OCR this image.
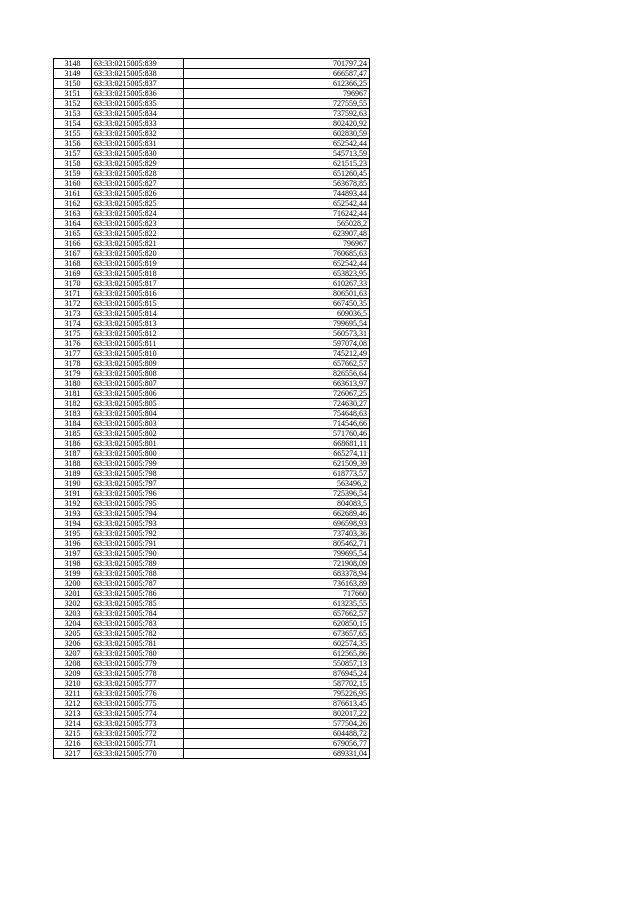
3148	63:33:0215005:839	701797,24
3149	63:33:0215005:838	666587,47
3150	63:33:0215005:837	612366,25
3151	63:33:0215005:836	796967
3152	63:33:0215005:835	727559,55
3153	63:33:0215005:834	737592,63
3154	63:33:0215005:833	802420,92
3155	63:33:0215005:832	602830,59
3156	63:33:0215005:831	652542,44
3157	63:33:0215005:830	545713,59
3158	63:33:0215005:829	621515,23
3159	63:33:0215005:828	651260,45
3160	63:33:0215005:827	563678,85
3161	63:33:0215005:826	744893,44
3162	63:33:0215005:825	652542,44
3163	63:33:0215005:824	716242,44
3164	63:33:0215005:823	565028,2
3165	63:33:0215005:822	623907,48
3166	63:33:0215005:821	796967
3167	63:33:0215005:820	760685,63
3168	63:33:0215005:819	652542,44
3169	63:33:0215005:818	653823,95
3170	63:33:0215005:817	610267,33
3171	63:33:0215005:816	806501,63
3172	63:33:0215005:815	667450,35
3173	63:33:0215005:814	609036,5
3174	63:33:0215005:813	799695,54
3175	63:33:0215005:812	560573,31
3176	63:33:0215005:811	597074,08
3177	63:33:0215005:810	745212,49
3178	63:33:0215005:809	657662,57
3179	63:33:0215005:808	826556,64
3180	63:33:0215005:807	663613,97
3181	63:33:0215005:806	726067,25
3182	63:33:0215005:805	724630,27
3183	63:33:0215005:804	754648,63
3184	63:33:0215005:803	714546,66
3185	63:33:0215005:802	571760,46
3186	63:33:0215005:801	668681,11
3187	63:33:0215005:800	665274,11
3188	63:33:0215005:799	621509,39
3189	63:33:0215005:798	618773,57
3190	63:33:0215005:797	563496,2
3191	63:33:0215005:796	725396,54
3192	63:33:0215005:795	804083,5
3193	63:33:0215005:794	662689,46
3194	63:33:0215005:793	696598,93
3195	63:33:0215005:792	737403,36
3196	63:33:0215005:791	805462,71
3197	63:33:0215005:790	799695,54
3198	63:33:0215005:789	721908,09
3199	63:33:0215005:788	683378,94
3200	63:33:0215005:787	736163,89
3201	63:33:0215005:786	717660
3202	63:33:0215005:785	613235,55
3203	63:33:0215005:784	657662,57
3204	63:33:0215005:783	620850,15
3205	63:33:0215005:782	673657,65
3206	63:33:0215005:781	602574,35
3207	63:33:0215005:780	612565,86
3208	63:33:0215005:779	550857,13
3209	63:33:0215005:778	876945,24
3210	63:33:0215005:777	587702,15
3211	63:33:0215005:776	795226,95
3212	63:33:0215005:775	876613,45
3213	63:33:0215005:774	802017,22
3214	63:33:0215005:773	577504,26
3215	63:33:0215005:772	604488,72
3216	63:33:0215005:771	679056,77
3217	63:33:0215005:770	689331,04
